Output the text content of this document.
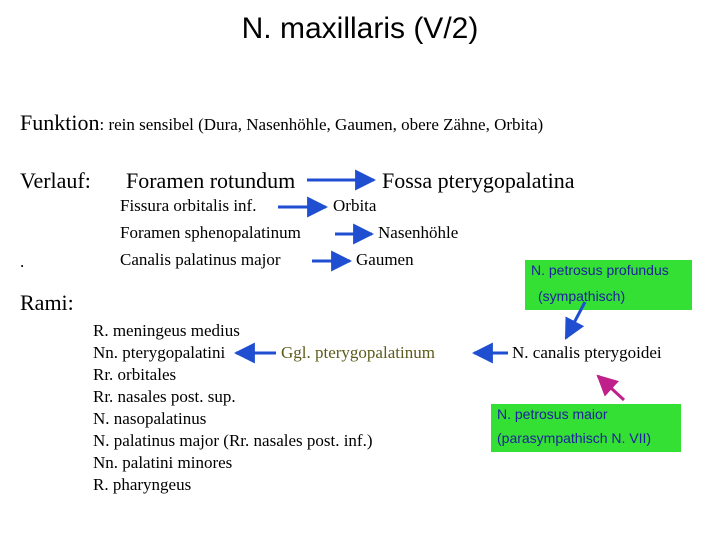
N. maxillaris (V/2)
Funktion: rein sensibel (Dura, Nasenhöhle, Gaumen, obere Zähne, Orbita)
Verlauf: Foramen rotundum	Fossa pterygopalatina
Fissura orbitalis inf.	Orbita
Foramen sphenopalatinum	Nasenhöhle
Canalis palatinus major	Gaumen
.
Rami:
R. meningeus medius
Nn. pterygopalatini	Ggl. pterygopalatinum
Rr. orbitales
Rr. nasales post. sup.
N. nasopalatinus
N. palatinus major (Rr. nasales post. inf.)
Nn. palatini minores
R. pharyngeus
N. canalis pterygoidei
N. petrosus profundus
(sympathisch)
N. petrosus maior
(parasympathisch N. VII)
